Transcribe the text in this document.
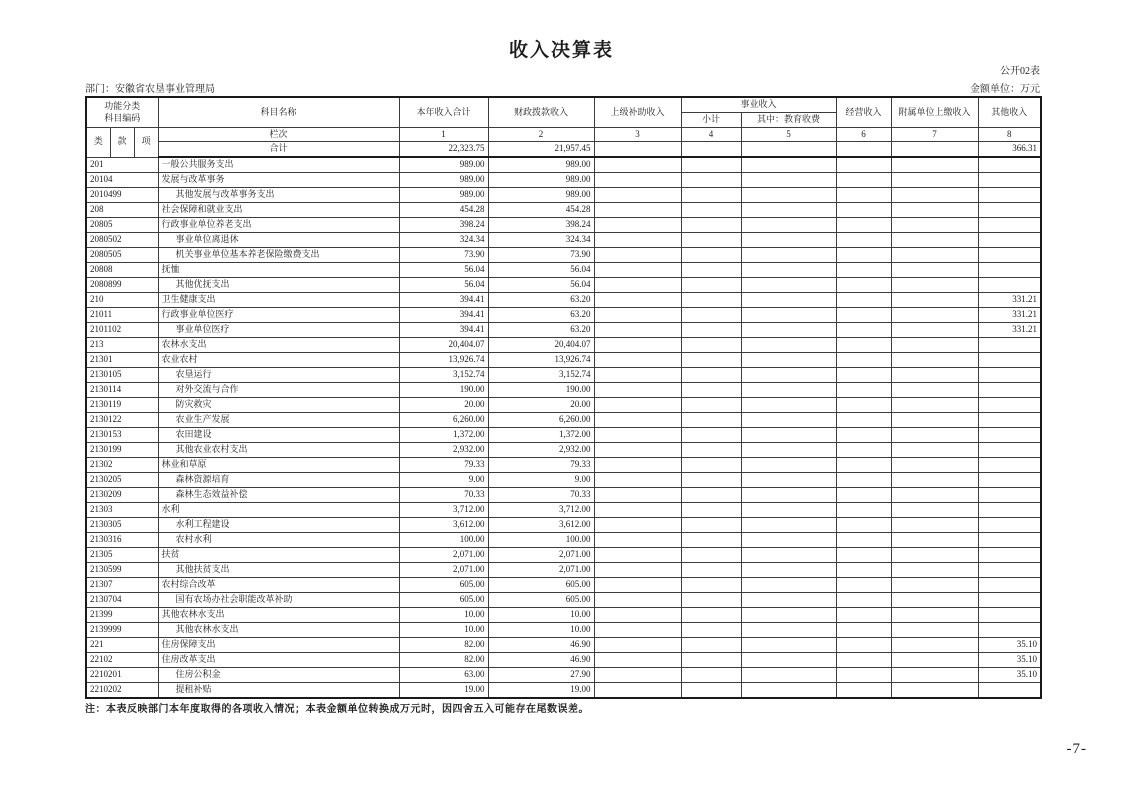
收入决算表
公开02表
部门：安徽省农垦事业管理局	金额单位：万元
功能分类
科目编码			科目名称	本年收入合计	财政拨款收入	上级补助收入	事业收入		经营收入	附属单位上缴收入	其他收入
							小计	其中：教育收费			
类	款	项	栏次	1	2	3	4	5	6	7	8
			合计	22,323.75	21,957.45						366.31
201			一般公共服务支出	989.00	989.00						
20104			发展与改革事务	989.00	989.00						
2010499			其他发展与改革事务支出	989.00	989.00						
208			社会保障和就业支出	454.28	454.28						
20805			行政事业单位养老支出	398.24	398.24						
2080502			事业单位离退休	324.34	324.34						
2080505			机关事业单位基本养老保险缴费支出	73.90	73.90						
20808			抚恤	56.04	56.04						
2080899			其他优抚支出	56.04	56.04						
210			卫生健康支出	394.41	63.20						331.21
21011			行政事业单位医疗	394.41	63.20						331.21
2101102			事业单位医疗	394.41	63.20						331.21
213			农林水支出	20,404.07	20,404.07						
21301			农业农村	13,926.74	13,926.74						
2130105			农垦运行	3,152.74	3,152.74						
2130114			对外交流与合作	190.00	190.00						
2130119			防灾救灾	20.00	20.00						
2130122			农业生产发展	6,260.00	6,260.00						
2130153			农田建设	1,372.00	1,372.00						
2130199			其他农业农村支出	2,932.00	2,932.00						
21302			林业和草原	79.33	79.33						
2130205			森林资源培育	9.00	9.00						
2130209			森林生态效益补偿	70.33	70.33						
21303			水利	3,712.00	3,712.00						
2130305			水利工程建设	3,612.00	3,612.00						
2130316			农村水利	100.00	100.00						
21305			扶贫	2,071.00	2,071.00						
2130599			其他扶贫支出	2,071.00	2,071.00						
21307			农村综合改革	605.00	605.00						
2130704			国有农场办社会职能改革补助	605.00	605.00						
21399			其他农林水支出	10.00	10.00						
2139999			其他农林水支出	10.00	10.00						
221			住房保障支出	82.00	46.90						35.10
22102			住房改革支出	82.00	46.90						35.10
2210201			住房公积金	63.00	27.90						35.10
2210202			提租补贴	19.00	19.00						
注：本表反映部门本年度取得的各项收入情况；本表金额单位转换成万元时，因四舍五入可能存在尾数误差。
-7-
